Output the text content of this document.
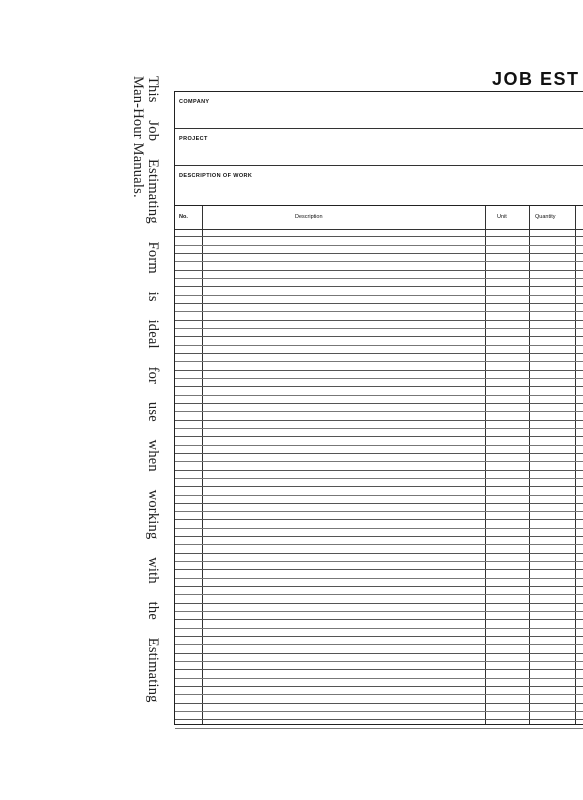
This Job Estimating Form is ideal for use when working with the Estimating
Man-Hour Manuals.	JOB EST
COMPANY
PROJECT
DESCRIPTION OF WORK
No.	Description	Unit	Quantity
